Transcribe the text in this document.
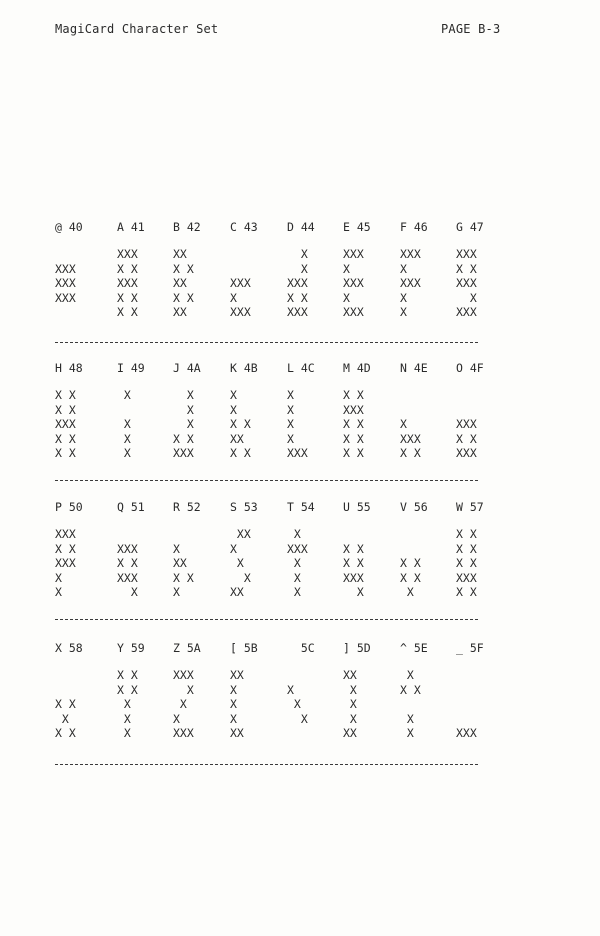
MagiCard Character Set	PAGE B-3
@ 40
XXX
XXX
XXX
A 41
XXX
X X
XXX
X X
X X
B 42
XX
X X
XX
X X
XX
C 43
XXX
X
XXX
D 44
X
X
XXX
X X
XXX
E 45
XXX
X
XXX
X
XXX
F 46
XXX
X
XXX
X
X
G 47
XXX
X X
XXX
X
XXX
H 48
X X
X X
XXX
X X
X X
I 49
X
X
X
X
J 4A
X
X
X
X X
XXX
K 4B
X
X
X X
XX
X X
L 4C
X
X
X
X
XXX
M 4D
X X
XXX
X X
X X
X X
N 4E
X
XXX
X X
O 4F
XXX
X X
XXX
P 50
XXX
X X
XXX
X
X
Q 51
XXX
X X
XXX
X
R 52
X
XX
X X
X
S 53
XX
X
X
X
XX
T 54
X
XXX
X
X
X
U 55
X X
X X
XXX
X
V 56
X X
X X
X
W 57
X X
X X
X X
XXX
X X
X 58
X X
X
X X
Y 59
X X
X X
X
X
X
Z 5A
XXX
X
X
X
XXX
[ 5B
XX
X
X
X
XX
5C
X
X
X
] 5D
XX
X
X
X
XX
^ 5E
X
X X
X
X
_ 5F
XXX
